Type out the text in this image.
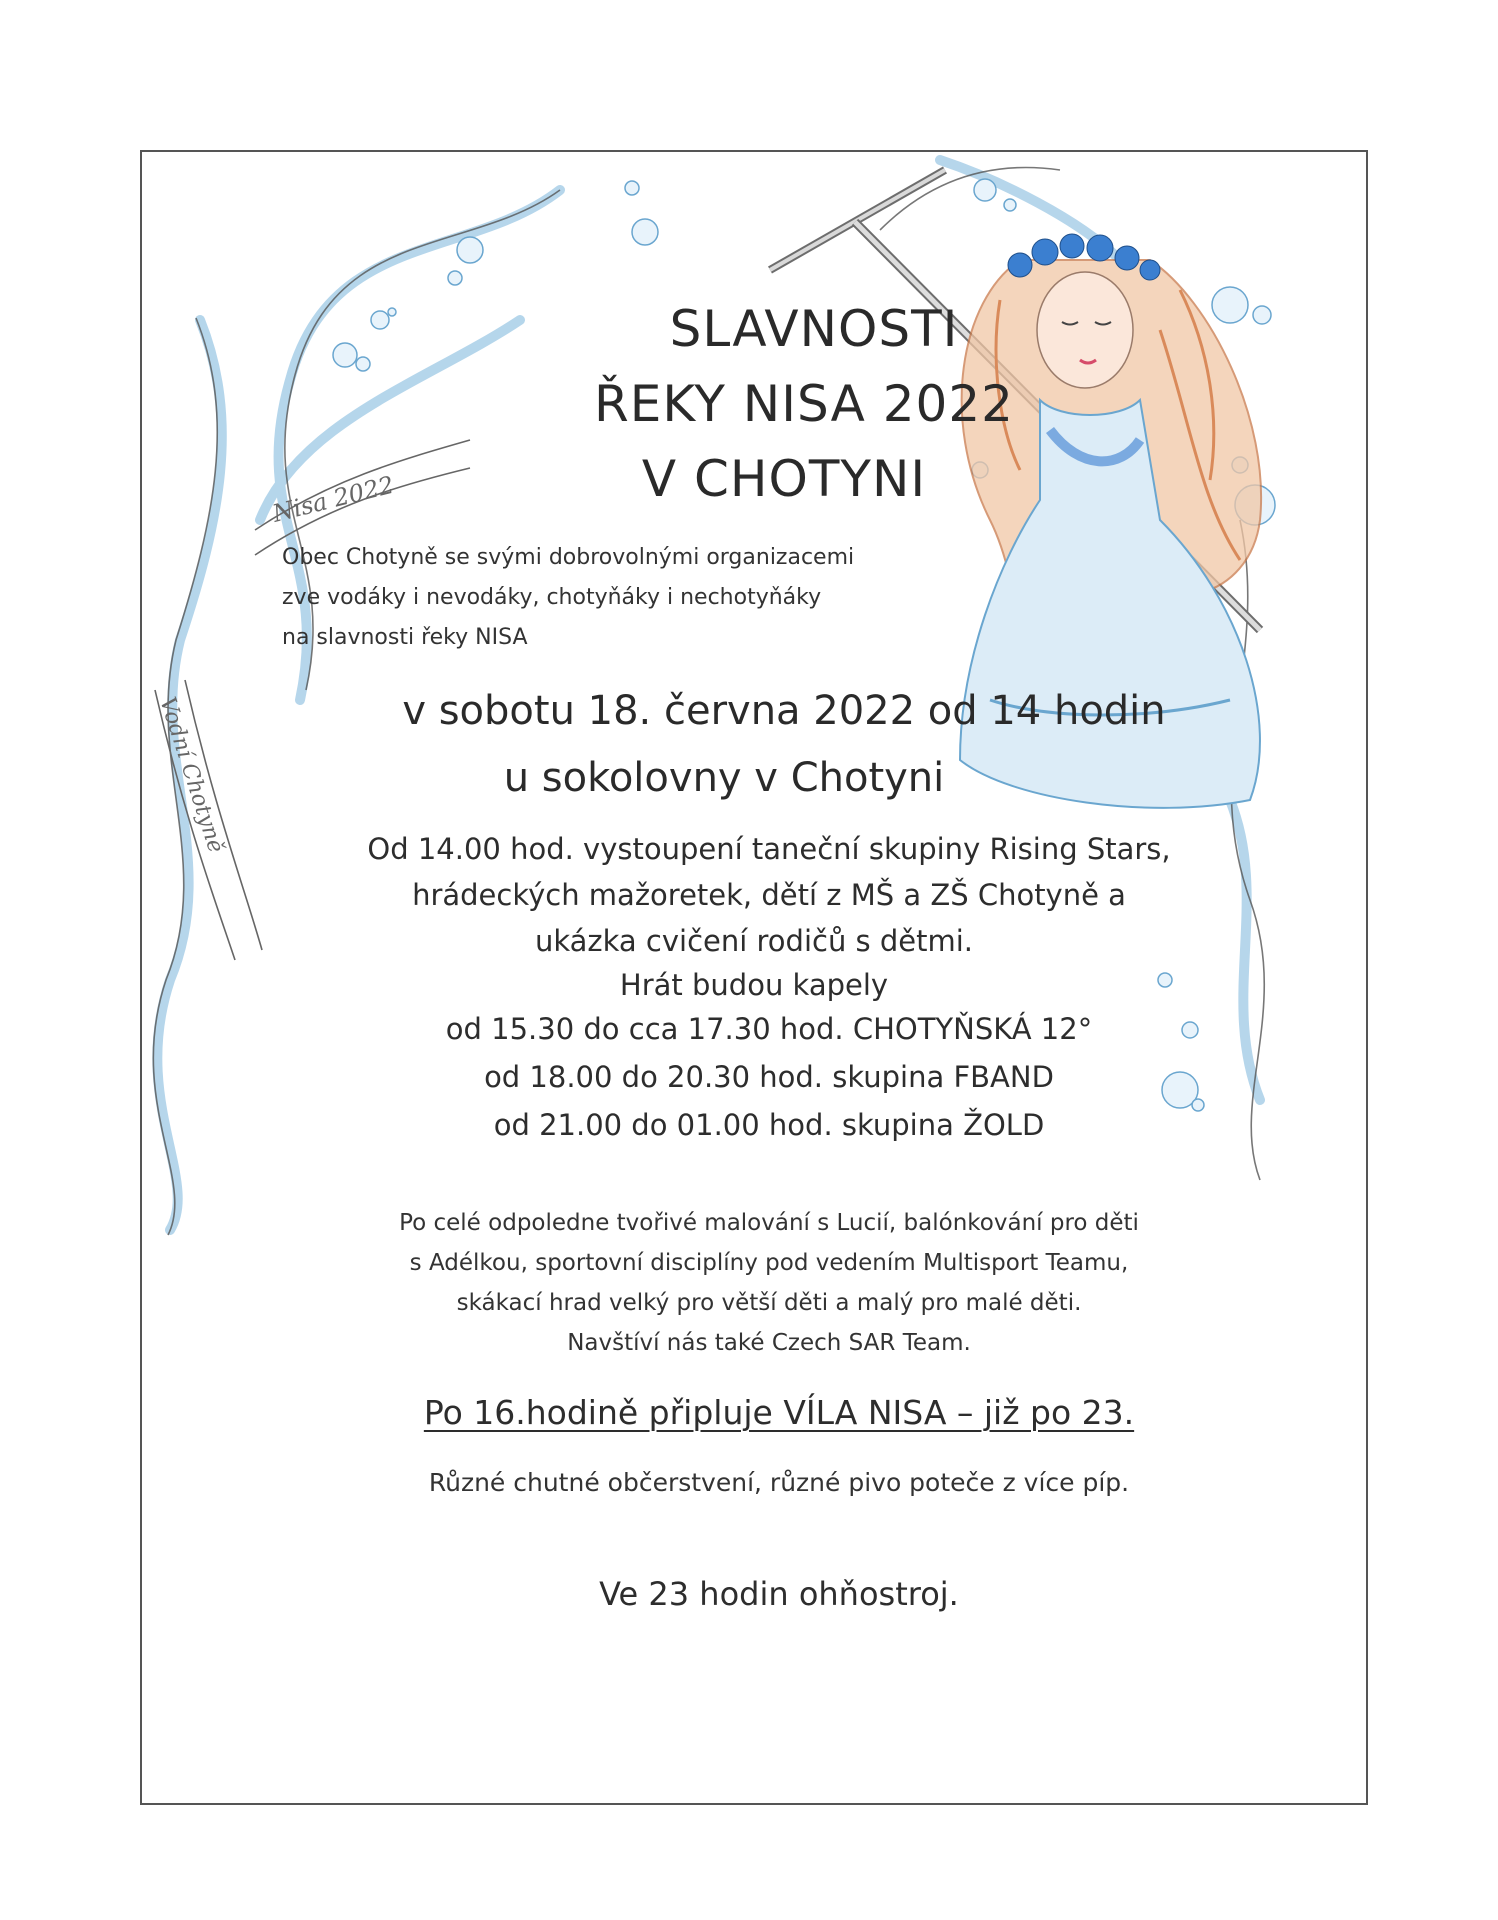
Nisa 2022
Vodní Chotyně
SLAVNOSTI
ŘEKY NISA 2022
V CHOTYNI
Obec Chotyně se svými dobrovolnými organizacemi
zve vodáky i nevodáky, chotyňáky i nechotyňáky
na slavnosti řeky NISA
v sobotu 18. června 2022 od 14 hodin
u sokolovny v Chotyni
Od 14.00 hod. vystoupení taneční skupiny Rising Stars,
hrádeckých mažoretek, dětí z MŠ a ZŠ Chotyně a
ukázka cvičení rodičů s dětmi.
Hrát budou kapely
od 15.30 do cca 17.30 hod. CHOTYŇSKÁ 12°
od 18.00 do 20.30 hod. skupina FBAND
od 21.00 do 01.00 hod. skupina ŽOLD
Po celé odpoledne tvořivé malování s Lucií, balónkování pro děti
s Adélkou, sportovní disciplíny pod vedením Multisport Teamu,
skákací hrad velký pro větší děti a malý pro malé děti.
Navštíví nás také Czech SAR Team.
Po 16.hodině připluje VÍLA NISA – již po 23.
Různé chutné občerstvení, různé pivo poteče z více píp.
Ve 23 hodin ohňostroj.
